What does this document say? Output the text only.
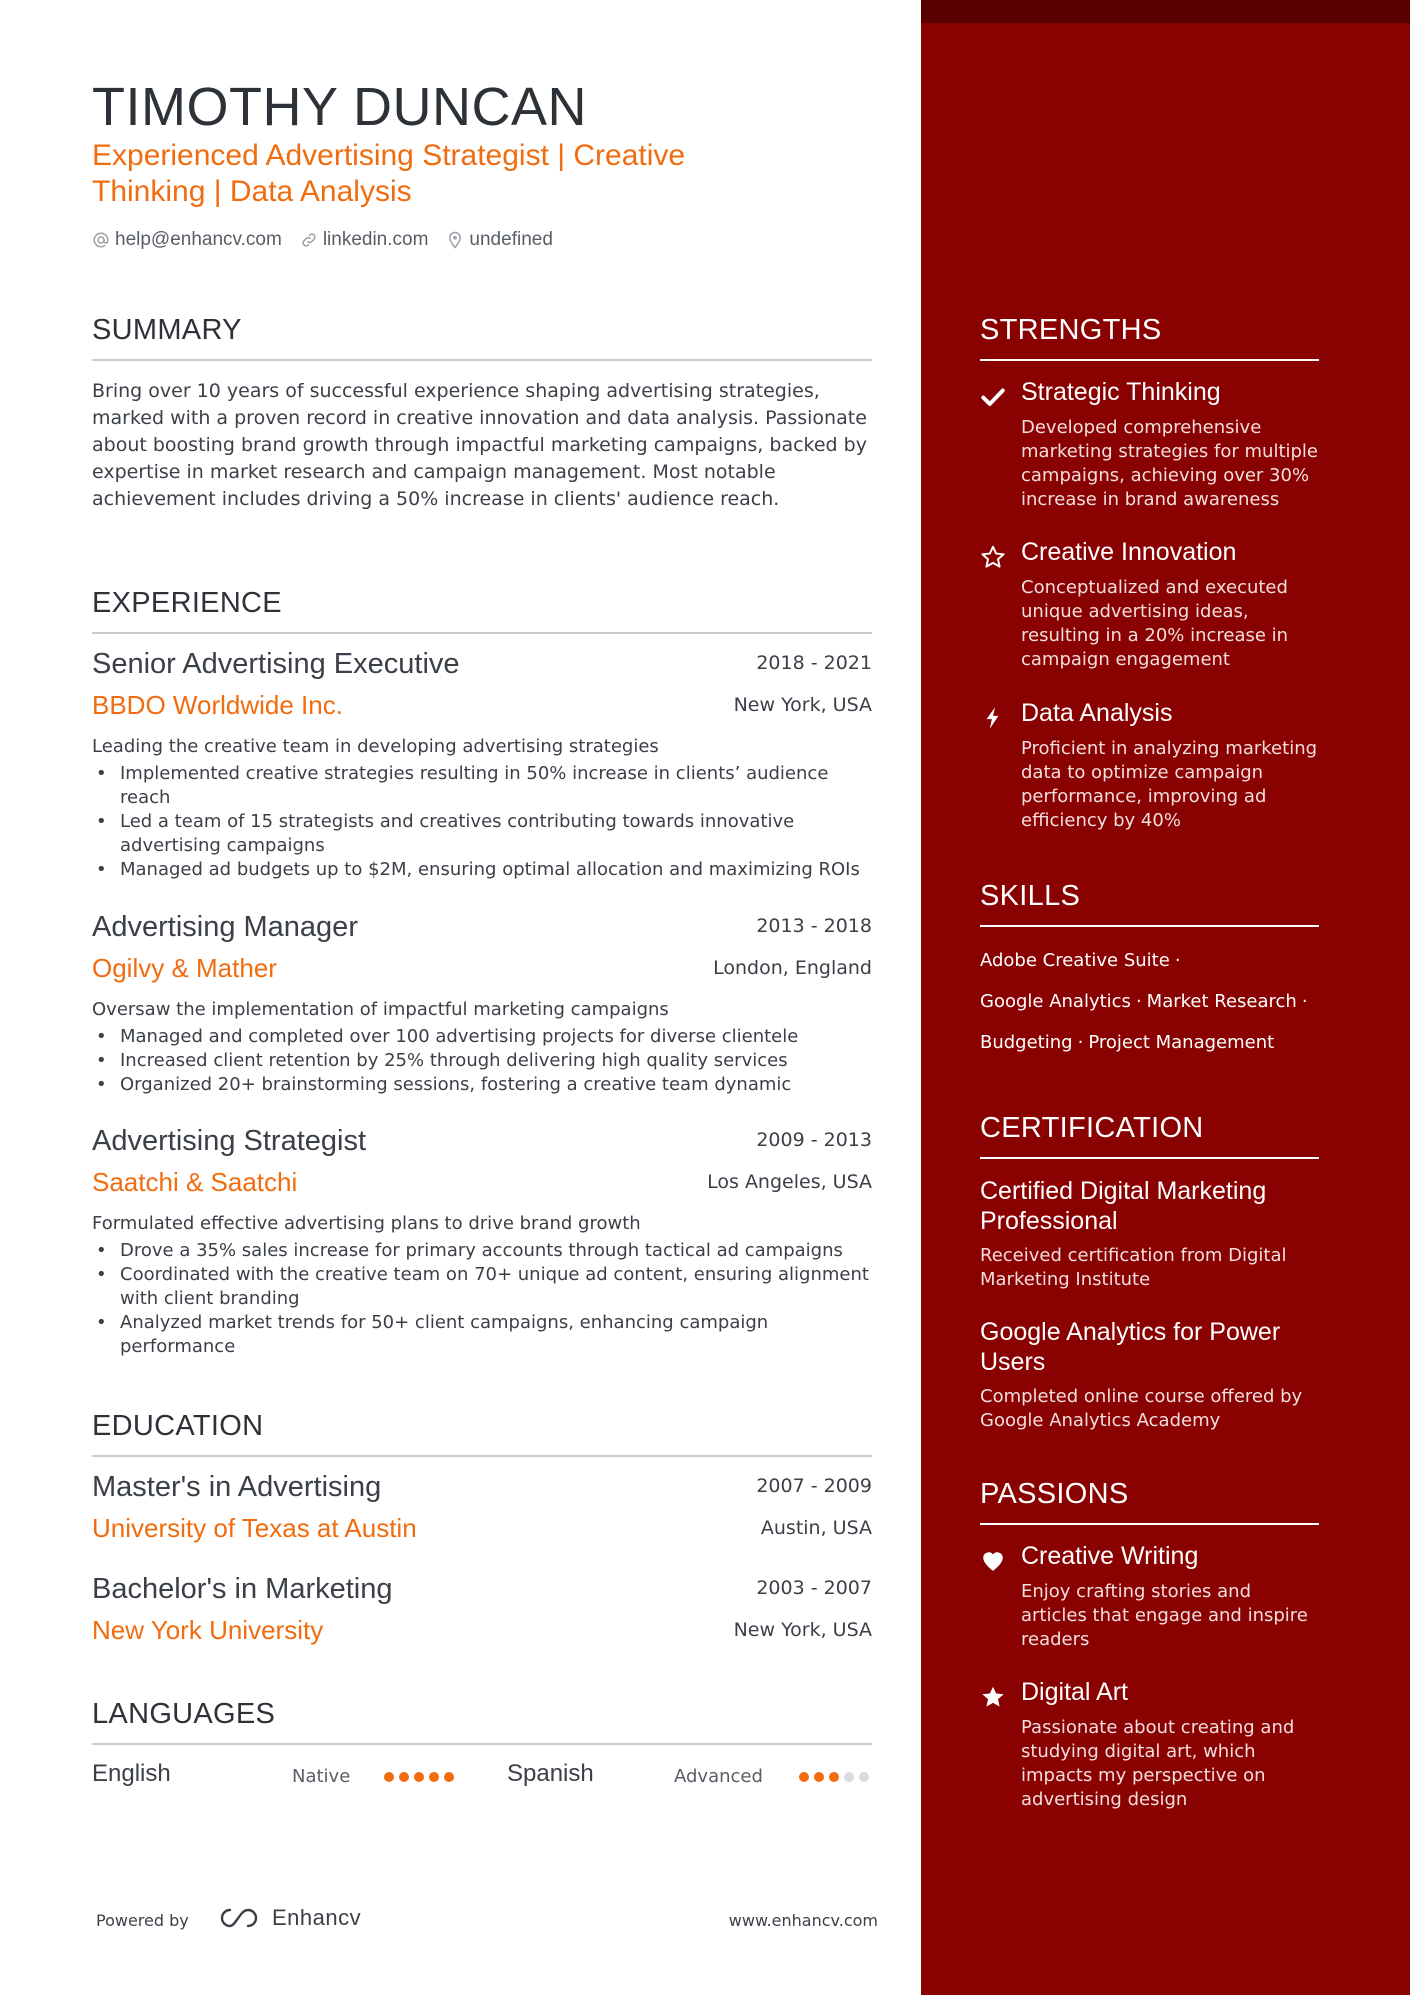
TIMOTHY DUNCAN
Experienced Advertising Strategist | Creative Thinking | Data Analysis
help@enhancv.com linkedin.com undefined
SUMMARY
Bring over 10 years of successful experience shaping advertising strategies, marked with a proven record in creative innovation and data analysis. Passionate about boosting brand growth through impactful marketing campaigns, backed by expertise in market research and campaign management. Most notable achievement includes driving a 50% increase in clients' audience reach.
EXPERIENCE
Senior Advertising Executive	2018 - 2021
BBDO Worldwide Inc.	New York, USA
Leading the creative team in developing advertising strategies
• Implemented creative strategies resulting in 50% increase in clients’ audience reach
• Led a team of 15 strategists and creatives contributing towards innovative advertising campaigns
• Managed ad budgets up to $2M, ensuring optimal allocation and maximizing ROIs
Advertising Manager	2013 - 2018
Ogilvy & Mather	London, England
Oversaw the implementation of impactful marketing campaigns
• Managed and completed over 100 advertising projects for diverse clientele
• Increased client retention by 25% through delivering high quality services
• Organized 20+ brainstorming sessions, fostering a creative team dynamic
Advertising Strategist	2009 - 2013
Saatchi & Saatchi	Los Angeles, USA
Formulated effective advertising plans to drive brand growth
• Drove a 35% sales increase for primary accounts through tactical ad campaigns
• Coordinated with the creative team on 70+ unique ad content, ensuring alignment with client branding
• Analyzed market trends for 50+ client campaigns, enhancing campaign performance
EDUCATION
Master's in Advertising	2007 - 2009
University of Texas at Austin	Austin, USA
Bachelor's in Marketing	2003 - 2007
New York University	New York, USA
LANGUAGES
English	Native	Spanish	Advanced
Powered by	Enhancv	www.enhancv.com
STRENGTHS
Strategic Thinking
Developed comprehensive marketing strategies for multiple campaigns, achieving over 30% increase in brand awareness
Creative Innovation
Conceptualized and executed unique advertising ideas, resulting in a 20% increase in campaign engagement
Data Analysis
Proficient in analyzing marketing data to optimize campaign performance, improving ad efficiency by 40%
SKILLS
Adobe Creative Suite ·
Google Analytics · Market Research ·
Budgeting · Project Management
CERTIFICATION
Certified Digital Marketing Professional
Received certification from Digital Marketing Institute
Google Analytics for Power Users
Completed online course offered by Google Analytics Academy
PASSIONS
Creative Writing
Enjoy crafting stories and articles that engage and inspire readers
Digital Art
Passionate about creating and studying digital art, which impacts my perspective on advertising design
